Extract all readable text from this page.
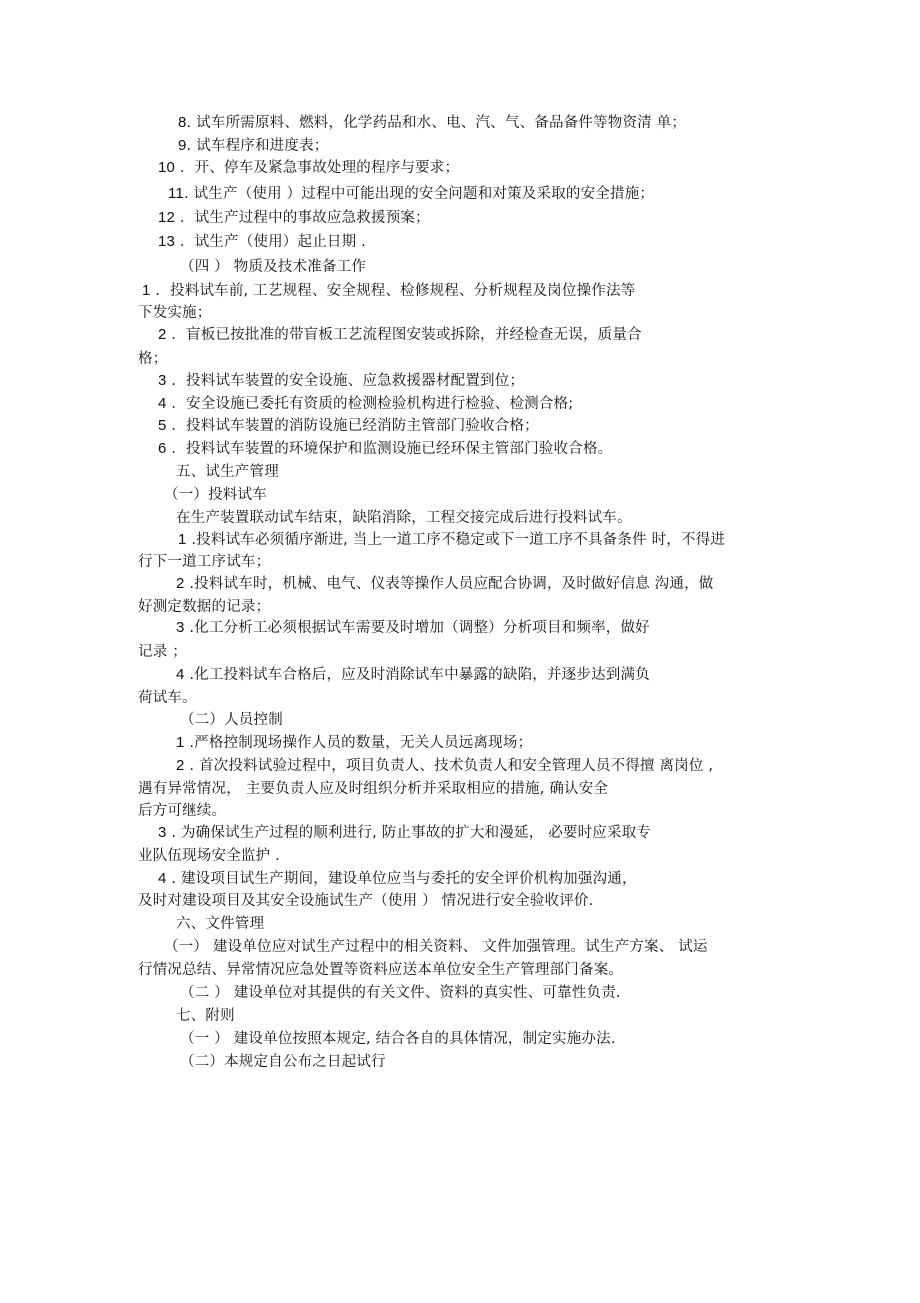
8. 试车所需原料、燃料，化学药品和水、电、汽、气、备品备件等物资清 单；
9. 试车程序和进度表；
10 ．开、停车及紧急事故处理的程序与要求；
11. 试生产（使用 ）过程中可能出现的安全问题和对策及采取的安全措施；
12 ．试生产过程中的事故应急救援预案；
13 ．试生产（使用）起止日期 .
（四 ） 物质及技术准备工作
1 ．投料试车前, 工艺规程、安全规程、检修规程、分析规程及岗位操作法等
下发实施；
2 ．盲板已按批准的带盲板工艺流程图安装或拆除，并经检查无误，质量合
格；
3 ．投料试车装置的安全设施、应急救援器材配置到位；
4 ．安全设施已委托有资质的检测检验机构进行检验、检测合格;
5 ．投料试车装置的消防设施已经消防主管部门验收合格；
6 ．投料试车装置的环境保护和监测设施已经环保主管部门验收合格。
五、试生产管理
（一）投料试车
在生产装置联动试车结束，缺陷消除，工程交接完成后进行投料试车。
1 .投料试车必须循序渐进, 当上一道工序不稳定或下一道工序不具备条件 时，不得进
行下一道工序试车；
2 .投料试车时，机械、电气、仪表等操作人员应配合协调，及时做好信息 沟通，做
好测定数据的记录；
3 .化工分析工必须根据试车需要及时增加（调整）分析项目和频率，做好
记录 ；
4 .化工投料试车合格后，应及时消除试车中暴露的缺陷，并逐步达到满负
荷试车。
（二）人员控制
1 .严格控制现场操作人员的数量，无关人员远离现场；
2 . 首次投料试验过程中，项目负责人、技术负责人和安全管理人员不得擅 离岗位 ,
遇有异常情况， 主要负责人应及时组织分析并采取相应的措施, 确认安全
后方可继续。
3 . 为确保试生产过程的顺利进行, 防止事故的扩大和漫延， 必要时应采取专
业队伍现场安全监护 .
4 . 建设项目试生产期间，建设单位应当与委托的安全评价机构加强沟通，
及时对建设项目及其安全设施试生产（使用 ） 情况进行安全验收评价.
六、文件管理
（一） 建设单位应对试生产过程中的相关资料、 文件加强管理。试生产方案、 试运
行情况总结、异常情况应急处置等资料应送本单位安全生产管理部门备案。
（二 ） 建设单位对其提供的有关文件、资料的真实性、可靠性负责.
七、附则
（一 ） 建设单位按照本规定, 结合各自的具体情况，制定实施办法.
（二）本规定自公布之日起试行
